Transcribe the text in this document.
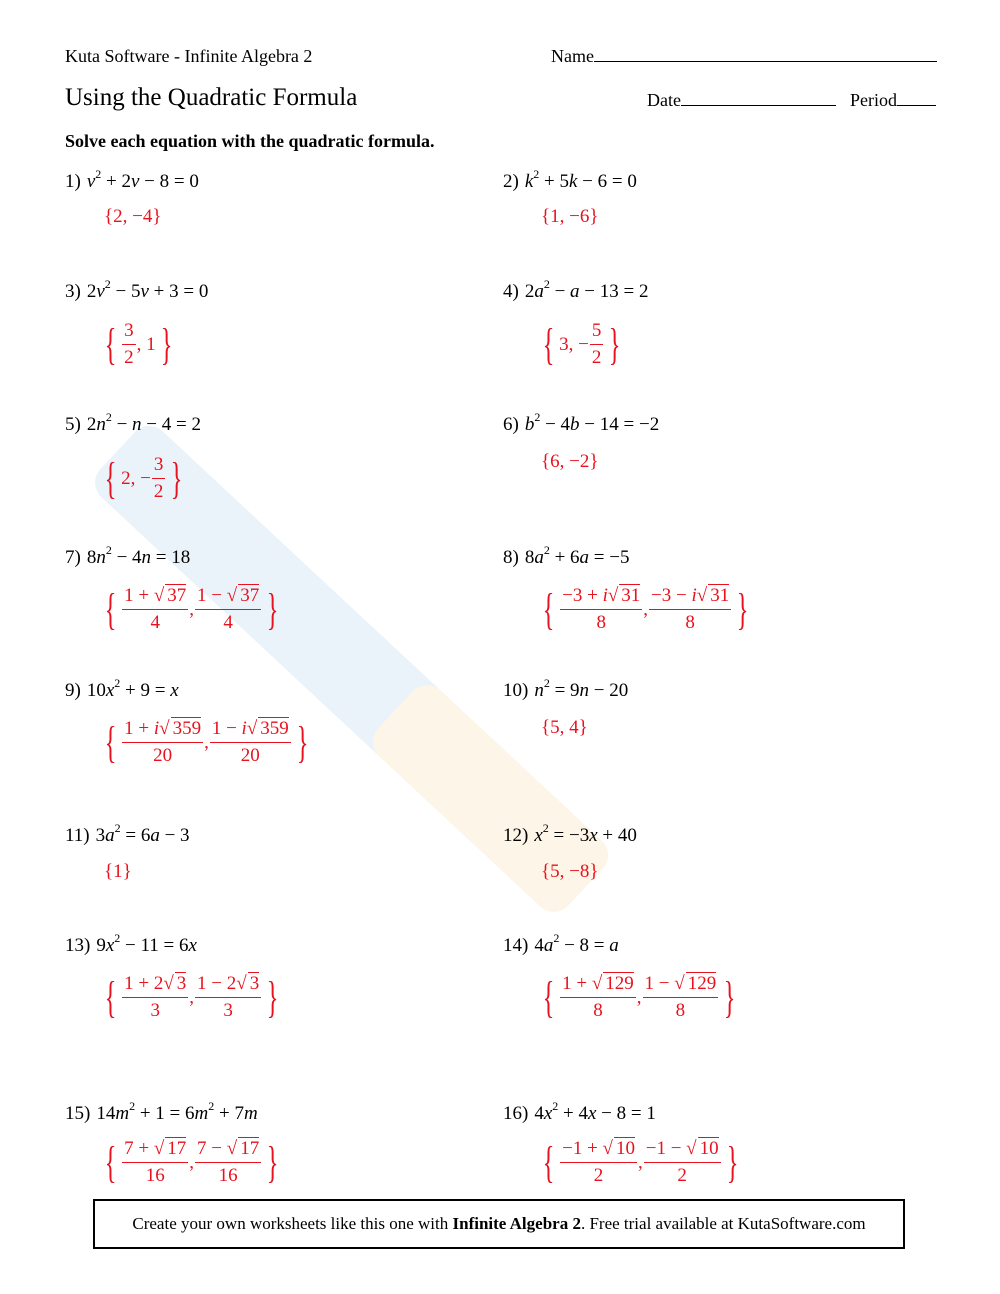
Kuta Software - Infinite Algebra 2	Name
Using the Quadratic Formula	Date	Period
Solve each equation with the quadratic formula.
1) $v^2 + 2v - 8 = 0$
{2, −4}
2) $k^2 + 5k - 6 = 0$
{1, −6}
3) $2v^2 - 5v + 3 = 0$
{ $\frac{3}{2}$ , 1 }
4) $2a^2 - a - 13 = 2$
{ 3, − $\frac{5}{2}$ }
5) $2n^2 - n - 4 = 2$
{ 2, − $\frac{3}{2}$ }
6) $b^2 - 4b - 14 = -2$
{6, −2}
7) $8n^2 - 4n = 18$
{ $\frac{1 + √ 37}{4}$ , $\frac{1 - √ 37}{4}$ }
8) $8a^2 + 6a = -5$
{ $\frac{-3 + i√ 31}{8}$ , $\frac{-3 - i√ 31}{8}$ }
9) $10x^2 + 9 = x$
{ $\frac{1 + i√ 359}{20}$ , $\frac{1 - i√ 359}{20}$ }
10) $n^2 = 9n - 20$
{5, 4}
11) $3a^2 = 6a - 3$
{1}
12) $x^2 = -3x + 40$
{5, −8}
13) $9x^2 - 11 = 6x$
{ $\frac{1 + 2√ 3}{3}$ , $\frac{1 - 2√ 3}{3}$ }
14) $4a^2 - 8 = a$
{ $\frac{1 + √ 129}{8}$ , $\frac{1 - √ 129}{8}$ }
15) $14m^2 + 1 = 6m^2 + 7m$
{ $\frac{7 + √ 17}{16}$ , $\frac{7 - √ 17}{16}$ }
16) $4x^2 + 4x - 8 = 1$
{ $\frac{-1 + √ 10}{2}$ , $\frac{-1 - √ 10}{2}$ }
Create your own worksheets like this one with
Infinite Algebra 2 . Free trial available at KutaSoftware.com
